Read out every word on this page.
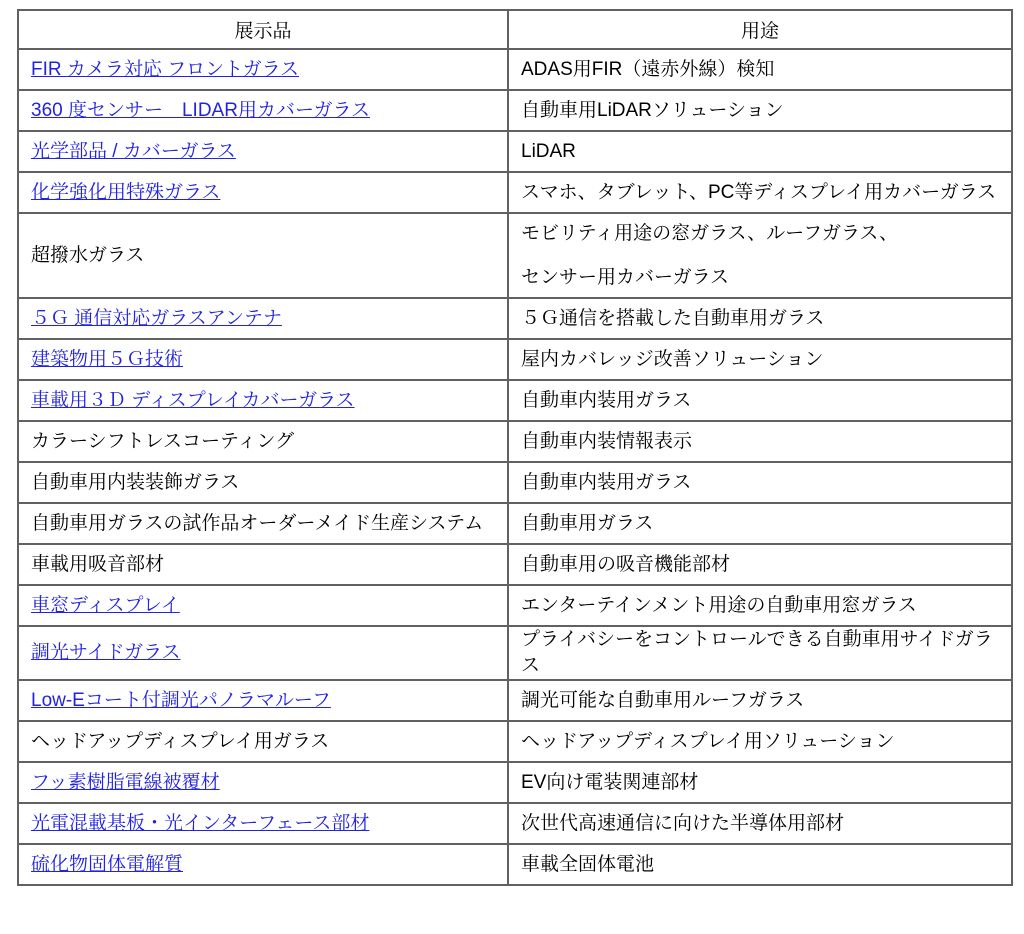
展示品	用途
FIR カメラ対応 フロントガラス	ADAS用FIR（遠赤外線）検知

360 度センサー　LIDAR用カバーガラス	自動車用LiDARソリューション

光学部品 / カバーガラス	LiDAR

化学強化用特殊ガラス	スマホ、タブレット、PC等ディスプレイ用カバーガラス

超撥水ガラス	モビリティ用途の窓ガラス、ルーフガラス、
センサー用カバーガラス

５Ｇ 通信対応ガラスアンテナ	５Ｇ通信を搭載した自動車用ガラス

建築物用５Ｇ技術	屋内カバレッジ改善ソリューション

車載用３Ｄ ディスプレイカバーガラス	自動車内装用ガラス

カラーシフトレスコーティング	自動車内装情報表示

自動車用内装装飾ガラス	自動車内装用ガラス

自動車用ガラスの試作品オーダーメイド生産システム	自動車用ガラス

車載用吸音部材	自動車用の吸音機能部材

車窓ディスプレイ	エンターテインメント用途の自動車用窓ガラス

調光サイドガラス	プライバシーをコントロールできる自動車用サイドガラス

Low-Eコート付調光パノラマルーフ	調光可能な自動車用ルーフガラス

ヘッドアップディスプレイ用ガラス	ヘッドアップディスプレイ用ソリューション

フッ素樹脂電線被覆材	EV向け電装関連部材

光電混載基板・光インターフェース部材	次世代高速通信に向けた半導体用部材

硫化物固体電解質	車載全固体電池
